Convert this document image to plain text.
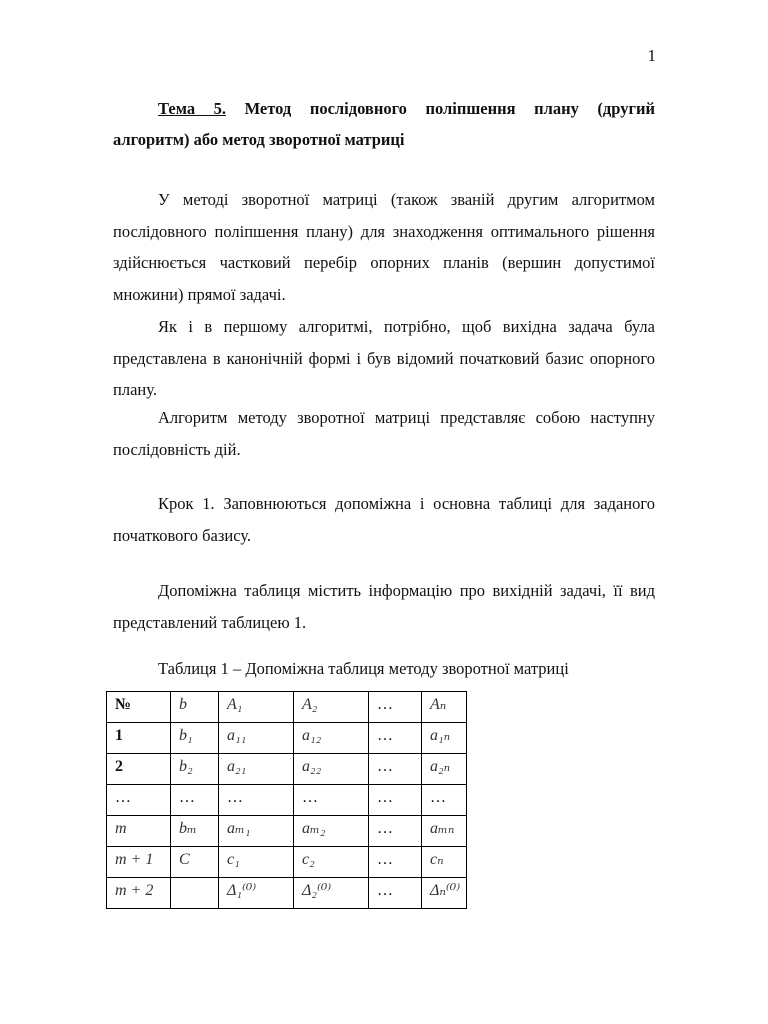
1
Тема 5. Метод послідовного поліпшення плану (другий
алгоритм) або метод зворотної матриці

У методі зворотної матриці (також званій другим алгоритмом послідовного поліпшення плану) для знаходження оптимального рішення здійснюється частковий перебір опорних планів (вершин допустимої множини) прямої задачі.

Як і в першому алгоритмі, потрібно, щоб вихідна задача була представлена в канонічній формі і був відомий початковий базис опорного плану.

Алгоритм методу зворотної матриці представляє собою наступну послідовність дій.

Крок 1. Заповнюються допоміжна і основна таблиці для заданого початкового базису.

Допоміжна таблиця містить інформацію про вихідній задачі, її вид представлений таблицею 1.

Таблиця 1 – Допоміжна таблиця методу зворотної матриці

№	b	A₁	A₂	…	Aₙ
1	b₁	a₁₁	a₁₂	…	a₁ₙ
2	b₂	a₂₁	a₂₂	…	a₂ₙ
…	…	…	…	…	…
m	bₘ	aₘ₁	aₘ₂	…	aₘₙ
m + 1	C	c₁	c₂	…	cₙ
m + 2		Δ₁⁽⁰⁾	Δ₂⁽⁰⁾	…	Δₙ⁽⁰⁾
